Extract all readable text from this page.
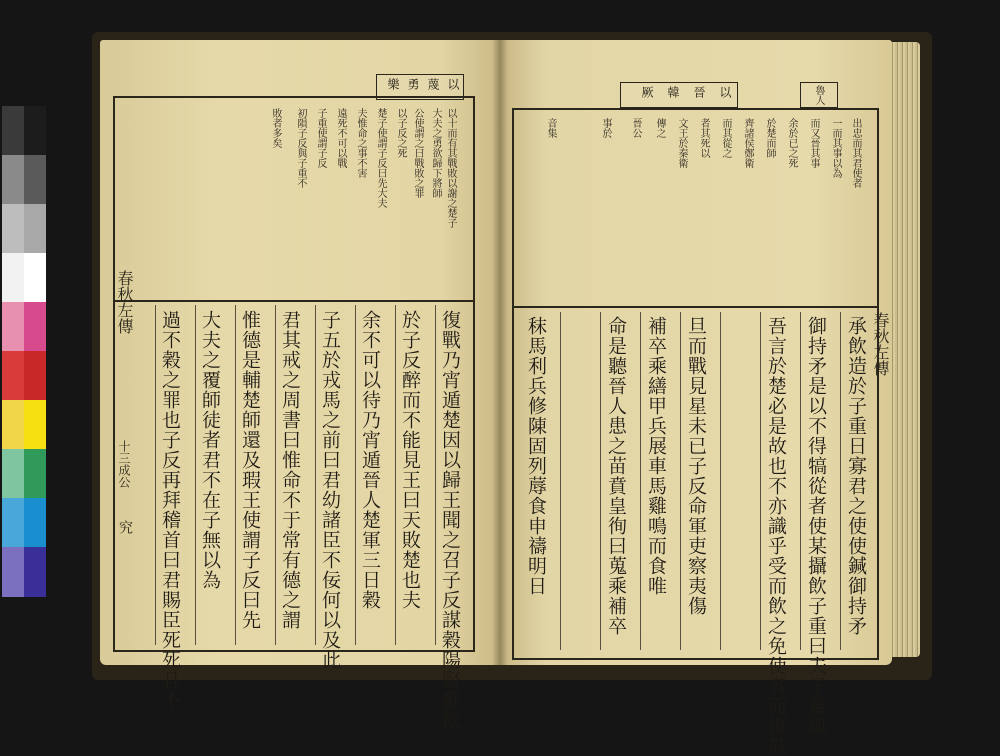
以
蔑
勇
樂
以十而有其戰敗以謝之楚子
大夫之勇欲歸下將師
公使謂之曰戰敗之罪
以子反之死
楚子使謂子反曰先大夫
夫惟命之事不害
遠死不可以戰
子重使謂子反
初隕子反與子重不
敗者多矣
復戰乃宵遁楚因以歸王聞之召子反謀穀陽豎獻飲
於子反醉而不能見王曰天敗楚也夫
余不可以待乃宵遁晉人楚軍三日穀
子五於戎馬之前曰君幼諸臣不佞何以及此
君其戒之周書曰惟命不于常有德之謂
惟德是輔楚師還及瑕王使謂子反曰先
大夫之覆師徒者君不在子無以為
過不穀之罪也子反再拜稽首曰君賜臣死死且不
春秋左傳
十三成公
究
以
晉
韓
厥	魯人
出忠而其君使者
一而其事以為
而又晉其事
余於已之死
於楚而師
齊諸侯鄭衛
而其從之
者其死以
文王於秦衛
傳之
晉公
事於
音集
承飲造於子重日寡君之使使鍼御持矛
御持矛是以不得犒從者使某攝飲子重曰夫子嘗與
吾言於楚必是故也不亦識乎受而飲之免使者而復鼓
旦而戰見星未已子反命軍吏察夷傷
補卒乘繕甲兵展車馬雞鳴而食唯
命是聽晉人患之苗賁皇徇曰蒐乘補卒
秣馬利兵修陳固列蓐食申禱明日	春秋左傳
